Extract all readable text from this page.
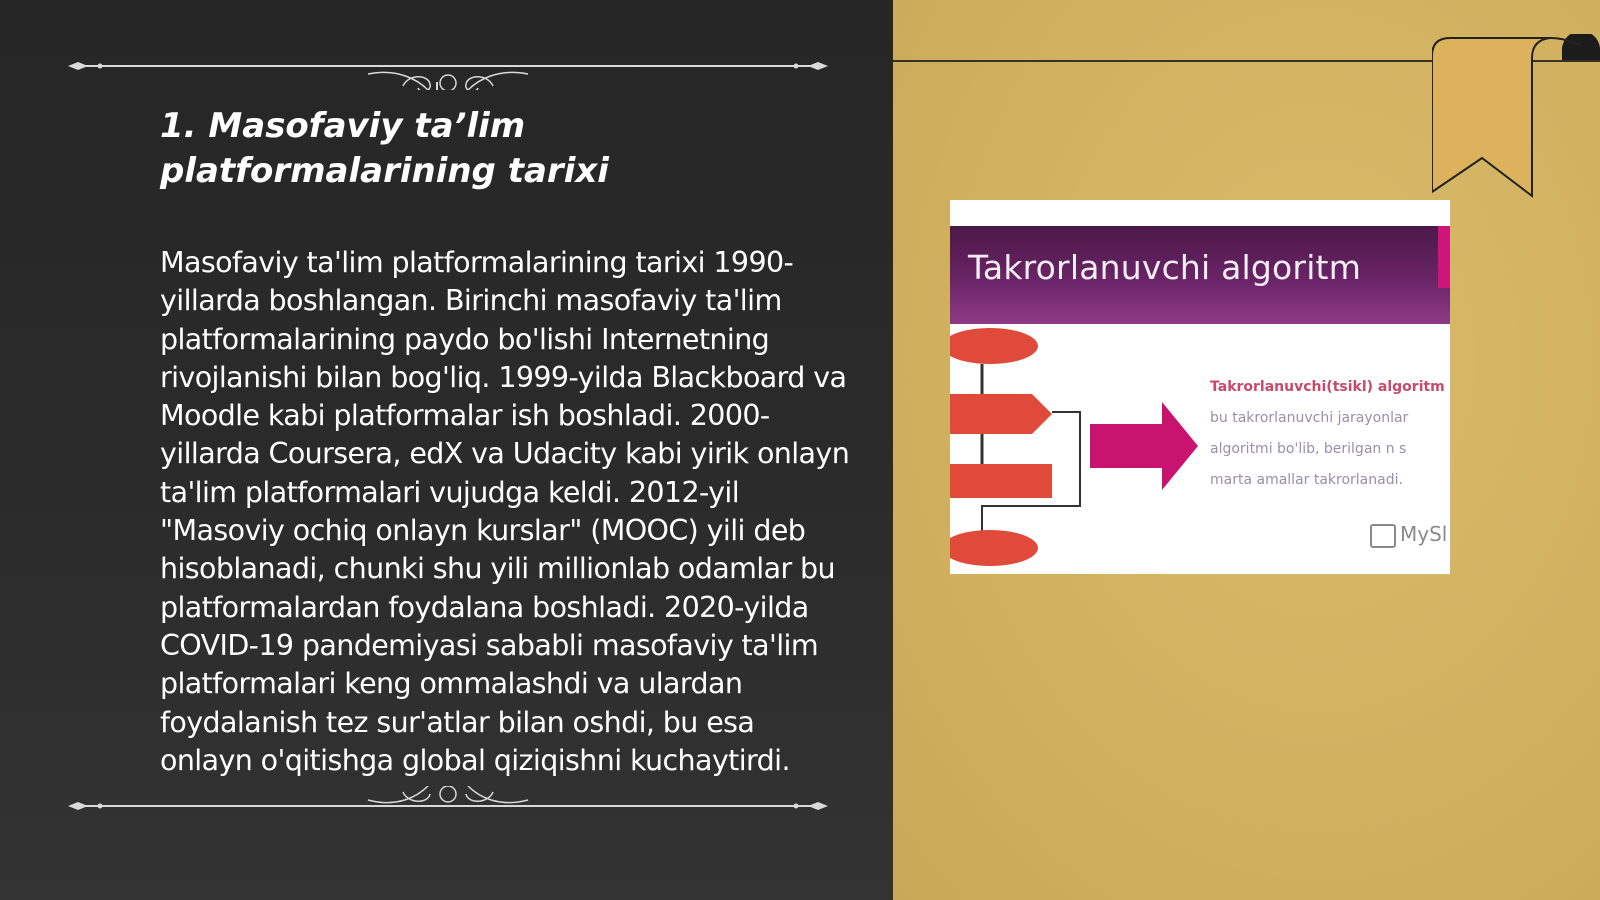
1. Masofaviy ta’lim platformalarining tarixi

Masofaviy ta'lim platformalarining tarixi 1990-yillarda boshlangan. Birinchi masofaviy ta'lim platformalarining paydo bo'lishi Internetning rivojlanishi bilan bog'liq. 1999-yilda Blackboard va Moodle kabi platformalar ish boshladi. 2000-yillarda Coursera, edX va Udacity kabi yirik onlayn ta'lim platformalari vujudga keldi. 2012-yil "Masoviy ochiq onlayn kurslar" (MOOC) yili deb hisoblanadi, chunki shu yili millionlab odamlar bu platformalardan foydalana boshladi. 2020-yilda COVID-19 pandemiyasi sababli masofaviy ta'lim platformalari keng ommalashdi va ulardan foydalanish tez sur'atlar bilan oshdi, bu esa onlayn o'qitishga global qiziqishni kuchaytirdi.

Takrorlanuvchi algoritm

Takrorlanuvchi(tsikl) algoritm
bu takrorlanuvchi jarayonlar
algoritmi bo'lib, berilgan n s
marta amallar takrorlanadi.

MySl
